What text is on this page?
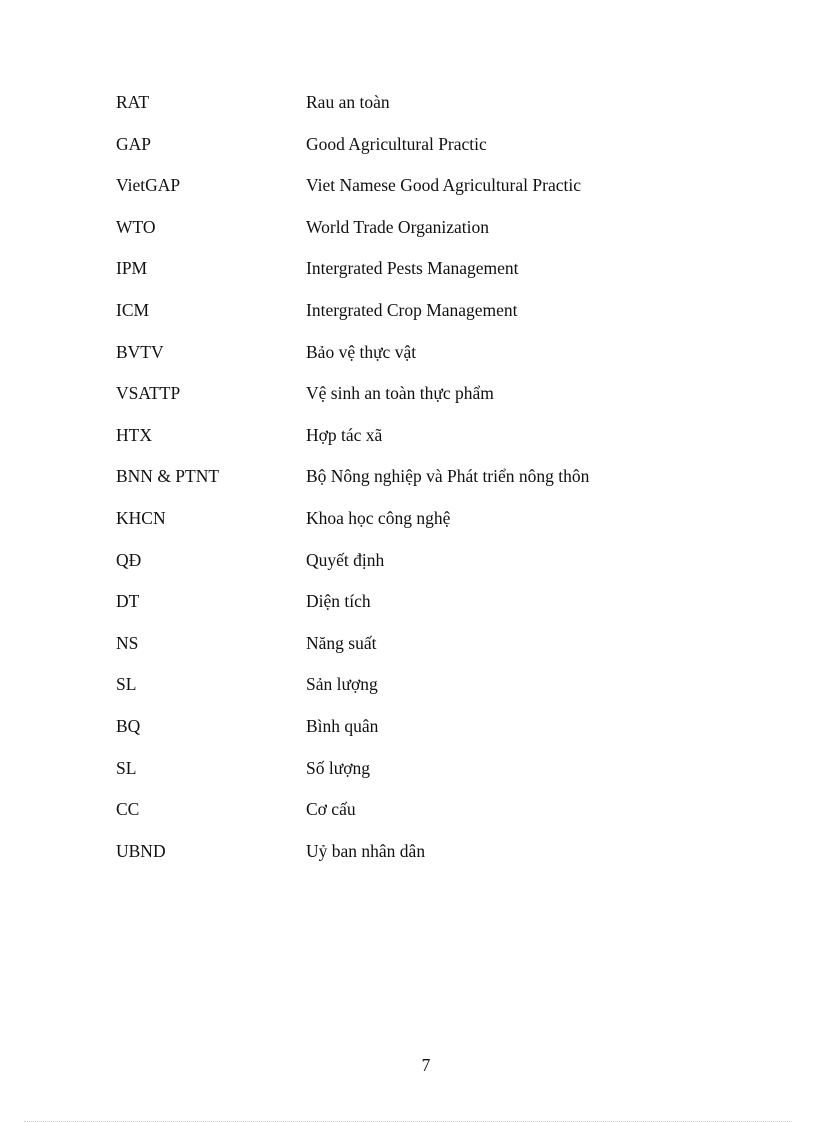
RAT	Rau an toàn
GAP	Good Agricultural Practic
VietGAP	Viet Namese Good Agricultural Practic
WTO	World Trade Organization
IPM	Intergrated Pests Management
ICM	Intergrated Crop Management
BVTV	Bảo vệ thực vật
VSATTP	Vệ sinh an toàn thực phẩm
HTX	Hợp tác xã
BNN & PTNT	Bộ Nông nghiệp và Phát triển nông thôn
KHCN	Khoa học công nghệ
QĐ	Quyết định
DT	Diện tích
NS	Năng suất
SL	Sản lượng
BQ	Bình quân
SL	Số lượng
CC	Cơ cấu
UBND	Uỷ ban nhân dân
7
